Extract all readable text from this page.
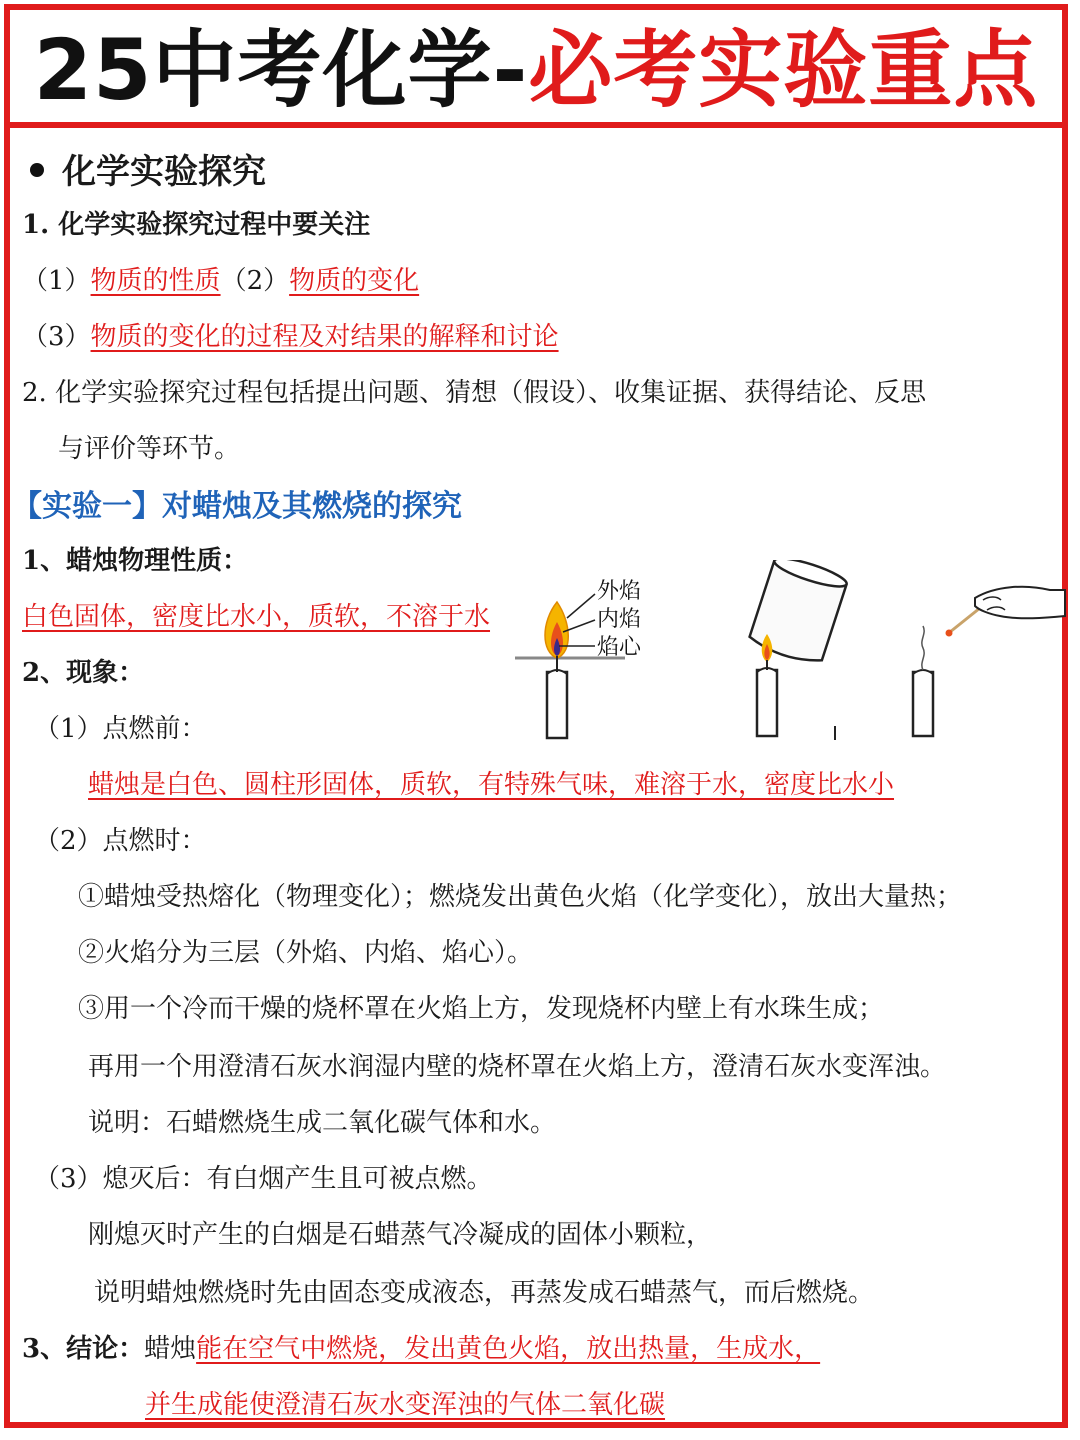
25中考化学- 必考实验重点
化学实验探究
1. 化学实验探究过程中要关注
（1）物质的性质（2）物质的变化
（3）物质的变化的过程及对结果的解释和讨论
2. 化学实验探究过程包括提出问题、猜想（假设）、收集证据、获得结论、反思
与评价等环节。
【实验一】对蜡烛及其燃烧的探究
1、蜡烛物理性质：
白色固体，密度比水小，质软，不溶于水
外焰
内焰
焰心
2、现象：
（1）点燃前：
蜡烛是白色、圆柱形固体，质软，有特殊气味，难溶于水，密度比水小
（2）点燃时：
①蜡烛受热熔化（物理变化）；燃烧发出黄色火焰（化学变化），放出大量热；
②火焰分为三层（外焰、内焰、焰心）。
③用一个冷而干燥的烧杯罩在火焰上方，发现烧杯内壁上有水珠生成；
再用一个用澄清石灰水润湿内壁的烧杯罩在火焰上方，澄清石灰水变浑浊。
说明：石蜡燃烧生成二氧化碳气体和水。
（3）熄灭后：有白烟产生且可被点燃。
刚熄灭时产生的白烟是石蜡蒸气冷凝成的固体小颗粒，
说明蜡烛燃烧时先由固态变成液态，再蒸发成石蜡蒸气，而后燃烧。
3、结论：蜡烛能在空气中燃烧，发出黄色火焰，放出热量，生成水，
并生成能使澄清石灰水变浑浊的气体二氧化碳
